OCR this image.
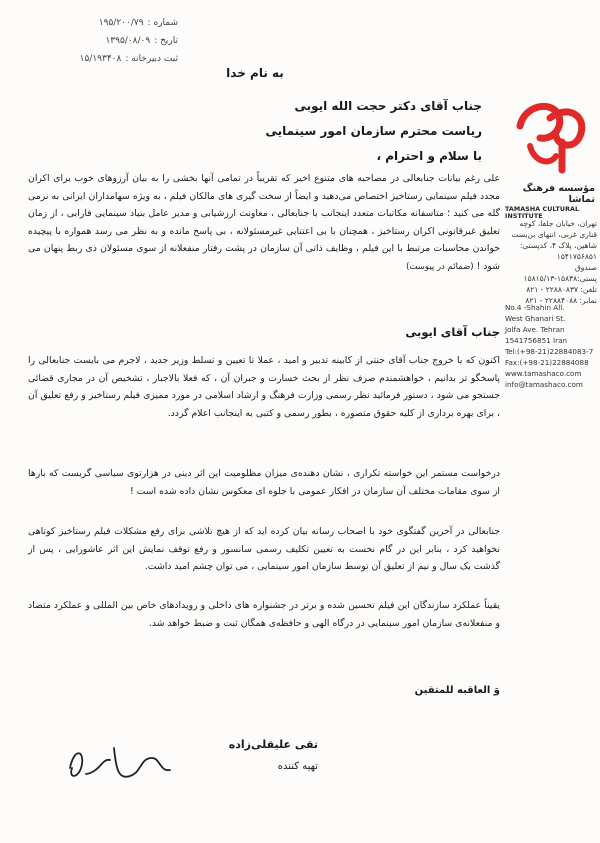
شماره :۱۹۵/۲۰۰/۷۹
تاریخ :۱۳۹۵/۰۸/۰۹
ثبت دبیرخانه :۱۵/۱۹۳۴۰۸
مؤسسه فرهنگ تماشا
TAMASHA CULTURAL INSTITUTE
تهران، خیابان جلفا، کوچه
قناری غربی، انتهای بن‌بست
شاهین، پلاک ۴، کدپستی:
۱۵۴۱۷۵۶۸۵۱
صندوق پستی:۱۵۸۳۸-۱۵۸۱۵/۱۳
تلفن: ۲۲۸۸۰۸۳۷ - ۸۲۱
نمابر: ۲۲۸۸۴۰۸۸ - ۸۲۱
No.4 -Shahin All.
West Ghanari St.
Jolfa Ave. Tehran
1541756851 Iran
Tel:(+98-21)22884083-7
Fax:(+98-21)22884088
www.tamashaco.com
info@tamashaco.com
به نام خدا
جناب آقای دکتر حجت الله ایوبی
ریاست محترم سازمان امور سینمایی
با سلام و احترام ،
علی رغم بیانات جنابعالی در مصاحبه های متنوع اخیر که تقریباً در تمامی آنها بخشی را به بیان آرزوهای خوب برای اکران مجدد فیلم سینمایی رستاخیز اختصاص می‌دهید و ایضاً از سخت گیری های مالکان فیلم ، به ویژه سهامداران ایرانی به نرمی گله می کنید ؛ متاسفانه مکاتبات متعدد اینجانب با جنابعالی ، معاونت ارزشیابی و مدیر عامل بنیاد سینمایی فارابی ، از زمان تعلیق غیرقانونی اکران رستاخیز ، همچنان با بی اعتنایی غیرمسئولانه ، بی پاسخ مانده و به نظر می رسد همواره با پیچیده خواندن محاسبات مرتبط با این فیلم ، وظایف ذاتی آن سازمان در پشت رفتار منفعلانه از سوی مسئولان ذی ربط پنهان می شود ! (ضمائم در پیوست)
جناب آقای ایوبی
اکنون که با خروج جناب آقای جنتی از کابینه تدبیر و امید ، عملا تا تعیین و تسلط وزیر جدید ، لاجرم می بایست جنابعالی را پاسخگو تر بدانیم ، خواهشمندم صرف نظر از بحث خسارت و جبران آن ، که فعلا بالاجبار ، تشخیص آن در مجاری قضائی جستجو می شود ، دستور فرمائید نظر رسمی وزارت فرهنگ و ارشاد اسلامی در مورد ممیزی فیلم رستاخیز و رفع تعلیق آن ، برای بهره برداری از کلیه حقوق متصوره ، بطور رسمی و کتبی به اینجانب اعلام گردد.
درخواست مستمر این خواسته تکراری ، نشان دهنده‌ی میزان مظلومیت این اثر دینی در هزارتوی سیاسی گریست که بارها از سوی مقامات مختلف آن سازمان در افکار عمومی با جلوه ای معکوس نشان داده شده است !
جنابعالی در آخرین گفتگوی خود با اصحاب رسانه بیان کرده اید که از هیچ تلاشی برای رفع مشکلات فیلم رستاخیز کوتاهی نخواهید کرد ، بنابر این در گام نخست به تعیین تکلیف رسمی سانسور و رفع توقف نمایش این اثر عاشورایی ، پس از گذشت یک سال و نیم از تعلیق آن توسط سازمان امور سینمایی ، می توان چشم امید داشت.
یقیناً عملکرد سازندگان این فیلم تحسین شده و برتر در جشنواره های داخلی و رویدادهای خاص بین المللی و عملکرد متضاد و منفعلانه‌ی سازمان امور سینمایی در درگاه الهی و حافظه‌ی همگان ثبت و ضبط خواهد شد.
وَ العاقبه للمتقین
تقی علیقلی‌زاده
تهیه کننده
